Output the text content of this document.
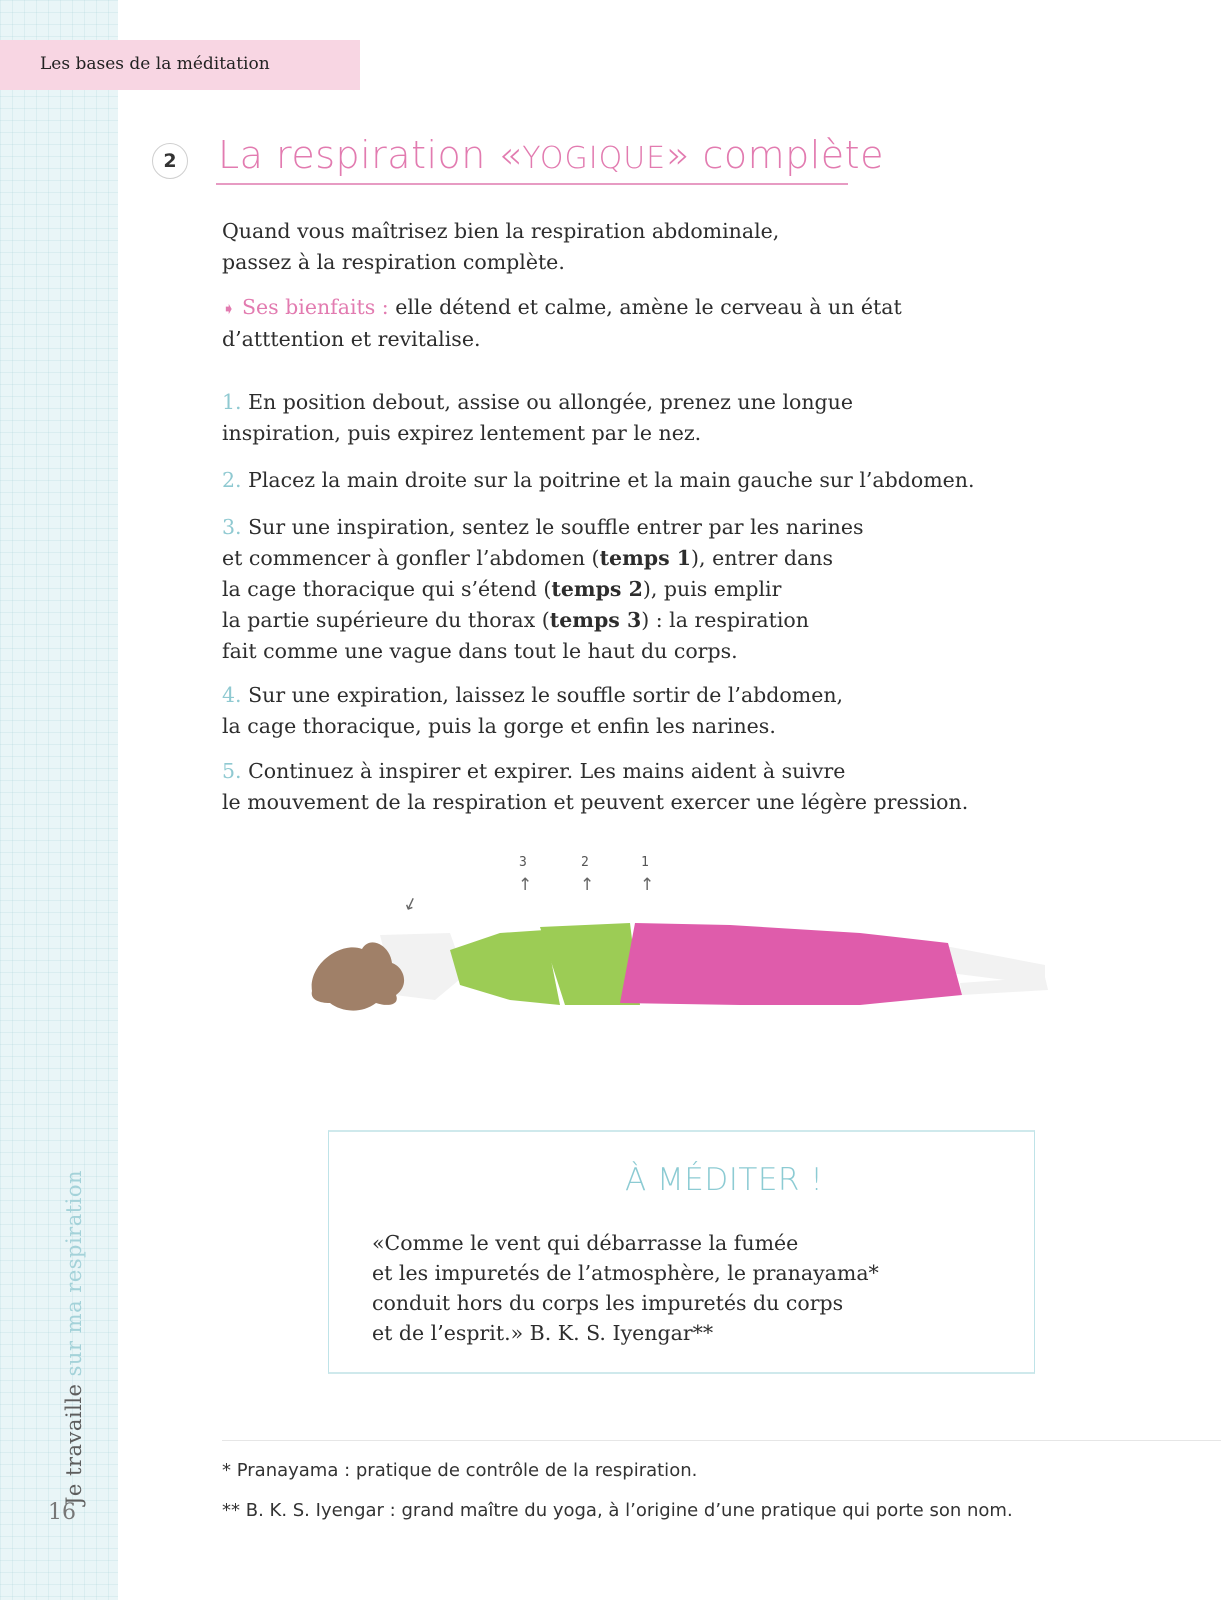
Les bases de la méditation
Je travaille sur ma respiration
16
2 La respiration «YOGIQUE» complète
Quand vous maîtrisez bien la respiration abdominale,
passez à la respiration complète.
➧ Ses bienfaits : elle détend et calme, amène le cerveau à un état
d’atttention et revitalise.
1. En position debout, assise ou allongée, prenez une longue
inspiration, puis expirez lentement par le nez.
2. Placez la main droite sur la poitrine et la main gauche sur l’abdomen.
3. Sur une inspiration, sentez le souffle entrer par les narines
et commencer à gonfler l’abdomen (temps 1), entrer dans
la cage thoracique qui s’étend (temps 2), puis emplir
la partie supérieure du thorax (temps 3) : la respiration
fait comme une vague dans tout le haut du corps.
4. Sur une expiration, laissez le souffle sortir de l’abdomen,
la cage thoracique, puis la gorge et enfin les narines.
5. Continuez à inspirer et expirer. Les mains aident à suivre
le mouvement de la respiration et peuvent exercer une légère pression.
3	2	1
↑	↑	↑
↓
À MÉDITER !
«Comme le vent qui débarrasse la fumée
et les impuretés de l’atmosphère, le pranayama*
conduit hors du corps les impuretés du corps
et de l’esprit.» B. K. S. Iyengar**
* Pranayama : pratique de contrôle de la respiration.
** B. K. S. Iyengar : grand maître du yoga, à l’origine d’une pratique qui porte son nom.
